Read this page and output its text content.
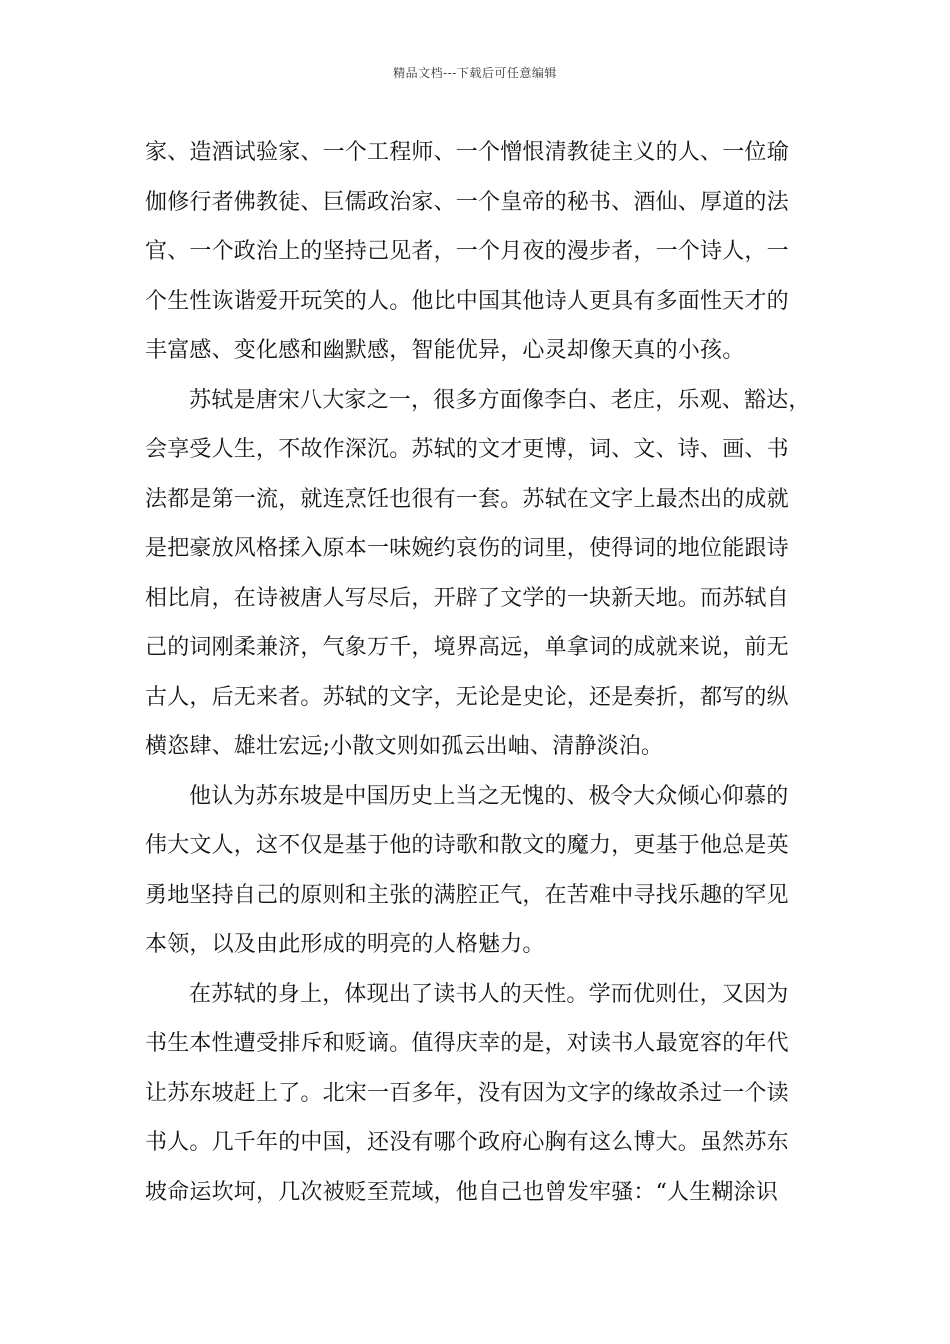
精品文档---下载后可任意编辑
家、造酒试验家、一个工程师、一个憎恨清教徒主义的人、一位瑜
伽修行者佛教徒、巨儒政治家、一个皇帝的秘书、酒仙、厚道的法
官、一个政治上的坚持己见者，一个月夜的漫步者，一个诗人，一
个生性诙谐爱开玩笑的人。他比中国其他诗人更具有多面性天才的
丰富感、变化感和幽默感，智能优异，心灵却像天真的小孩。
苏轼是唐宋八大家之一，很多方面像李白、老庄，乐观、豁达，
会享受人生，不故作深沉。苏轼的文才更博，词、文、诗、画、书
法都是第一流，就连烹饪也很有一套。苏轼在文字上最杰出的成就
是把豪放风格揉入原本一味婉约哀伤的词里，使得词的地位能跟诗
相比肩，在诗被唐人写尽后，开辟了文学的一块新天地。而苏轼自
己的词刚柔兼济，气象万千，境界高远，单拿词的成就来说，前无
古人，后无来者。苏轼的文字，无论是史论，还是奏折，都写的纵
横恣肆、雄壮宏远;小散文则如孤云出岫、清静淡泊。
他认为苏东坡是中国历史上当之无愧的、极令大众倾心仰慕的
伟大文人，这不仅是基于他的诗歌和散文的魔力，更基于他总是英
勇地坚持自己的原则和主张的满腔正气，在苦难中寻找乐趣的罕见
本领，以及由此形成的明亮的人格魅力。
在苏轼的身上，体现出了读书人的天性。学而优则仕，又因为
书生本性遭受排斥和贬谪。值得庆幸的是，对读书人最宽容的年代
让苏东坡赶上了。北宋一百多年，没有因为文字的缘故杀过一个读
书人。几千年的中国，还没有哪个政府心胸有这么博大。虽然苏东
坡命运坎坷，几次被贬至荒域，他自己也曾发牢骚：“人生糊涂识
